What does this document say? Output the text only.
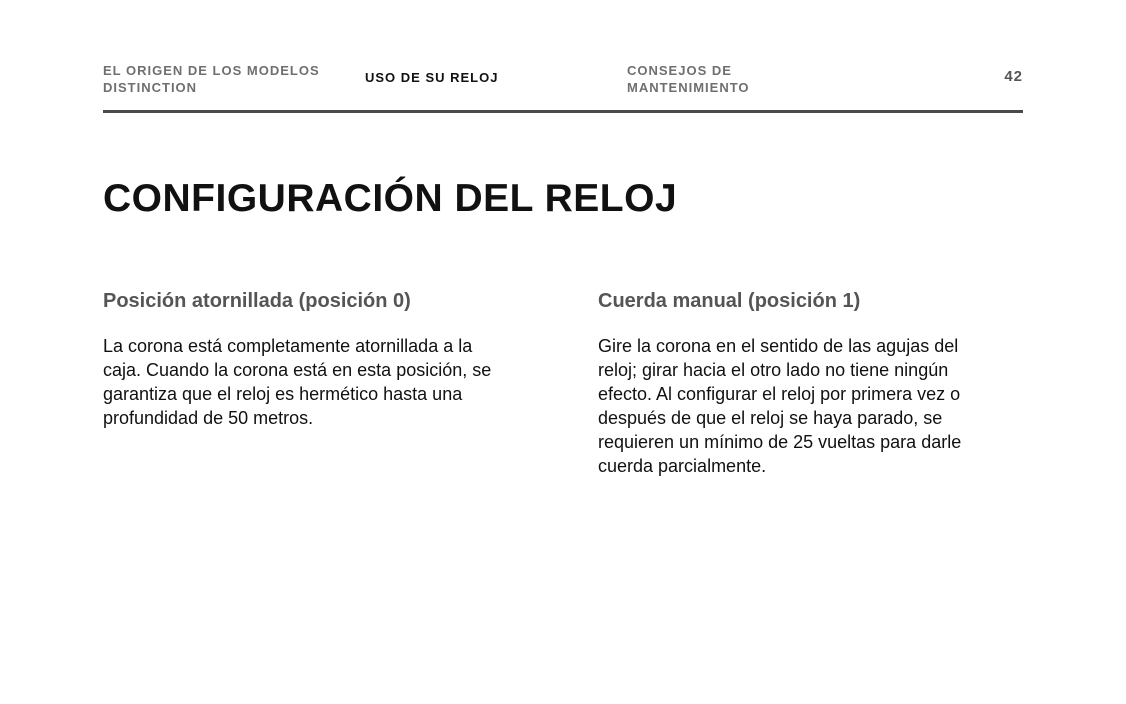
EL ORIGEN DE LOS MODELOS DISTINCTION
USO DE SU RELOJ	CONSEJOS DE MANTENIMIENTO
42
CONFIGURACIÓN DEL RELOJ
Posición atornillada (posición 0)

La corona está completamente atornillada a la caja. Cuando la corona está en esta posición, se garantiza que el reloj es hermético hasta una profundidad de 50 metros.

Cuerda manual (posición 1)

Gire la corona en el sentido de las agujas del reloj; girar hacia el otro lado no tiene ningún efecto. Al configurar el reloj por primera vez o después de que el reloj se haya parado, se requieren un mínimo de 25 vueltas para darle cuerda parcialmente.
